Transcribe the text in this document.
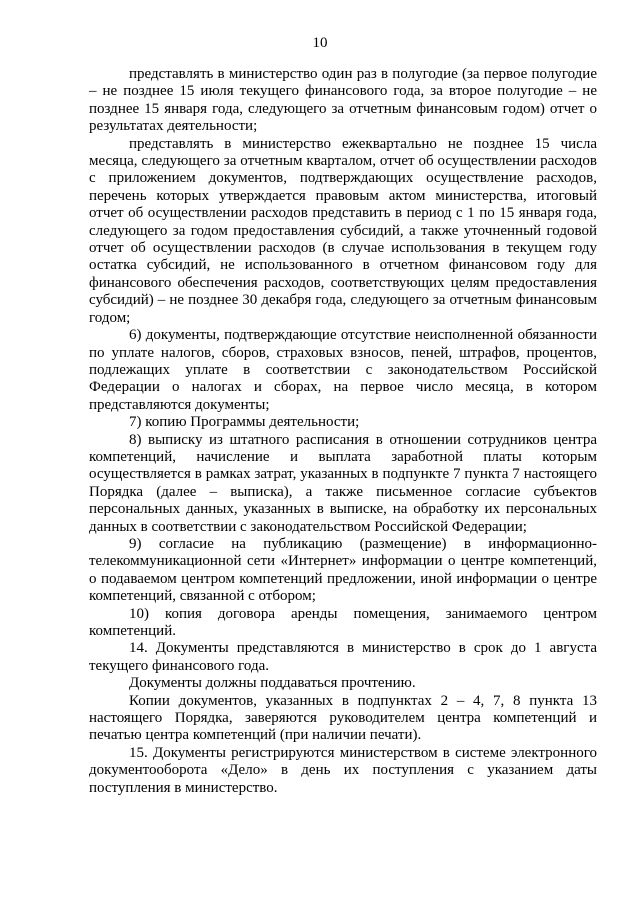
10

представлять в министерство один раз в полугодие (за первое полугодие – не позднее 15 июля текущего финансового года, за второе полугодие – не позднее 15 января года, следующего за отчетным финансовым годом) отчет о результатах деятельности;

представлять в министерство ежеквартально не позднее 15 числа месяца, следующего за отчетным кварталом, отчет об осуществлении расходов с приложением документов, подтверждающих осуществление расходов, перечень которых утверждается правовым актом министерства, итоговый отчет об осуществлении расходов представить в период с 1 по 15 января года, следующего за годом предоставления субсидий, а также уточненный годовой отчет об осуществлении расходов (в случае использования в текущем году остатка субсидий, не использованного в отчетном финансовом году для финансового обеспечения расходов, соответствующих целям предоставления субсидий) – не позднее 30 декабря года, следующего за отчетным финансовым годом;

6) документы, подтверждающие отсутствие неисполненной обязанности по уплате налогов, сборов, страховых взносов, пеней, штрафов, процентов, подлежащих уплате в соответствии с законодательством Российской Федерации о налогах и сборах, на первое число месяца, в котором представляются документы;

7) копию Программы деятельности;

8) выписку из штатного расписания в отношении сотрудников центра компетенций, начисление и выплата заработной платы которым осуществляется в рамках затрат, указанных в подпункте 7 пункта 7 настоящего Порядка (далее – выписка), а также письменное согласие субъектов персональных данных, указанных в выписке, на обработку их персональных данных в соответствии с законодательством Российской Федерации;

9) согласие на публикацию (размещение) в информационно-телекоммуникационной сети «Интернет» информации о центре компетенций, о подаваемом центром компетенций предложении, иной информации о центре компетенций, связанной с отбором;

10) копия договора аренды помещения, занимаемого центром компетенций.

14. Документы представляются в министерство в срок до 1 августа текущего финансового года.

Документы должны поддаваться прочтению.

Копии документов, указанных в подпунктах 2 – 4, 7, 8 пункта 13 настоящего Порядка, заверяются руководителем центра компетенций и печатью центра компетенций (при наличии печати).

15. Документы регистрируются министерством в системе электронного документооборота «Дело» в день их поступления с указанием даты поступления в министерство.
